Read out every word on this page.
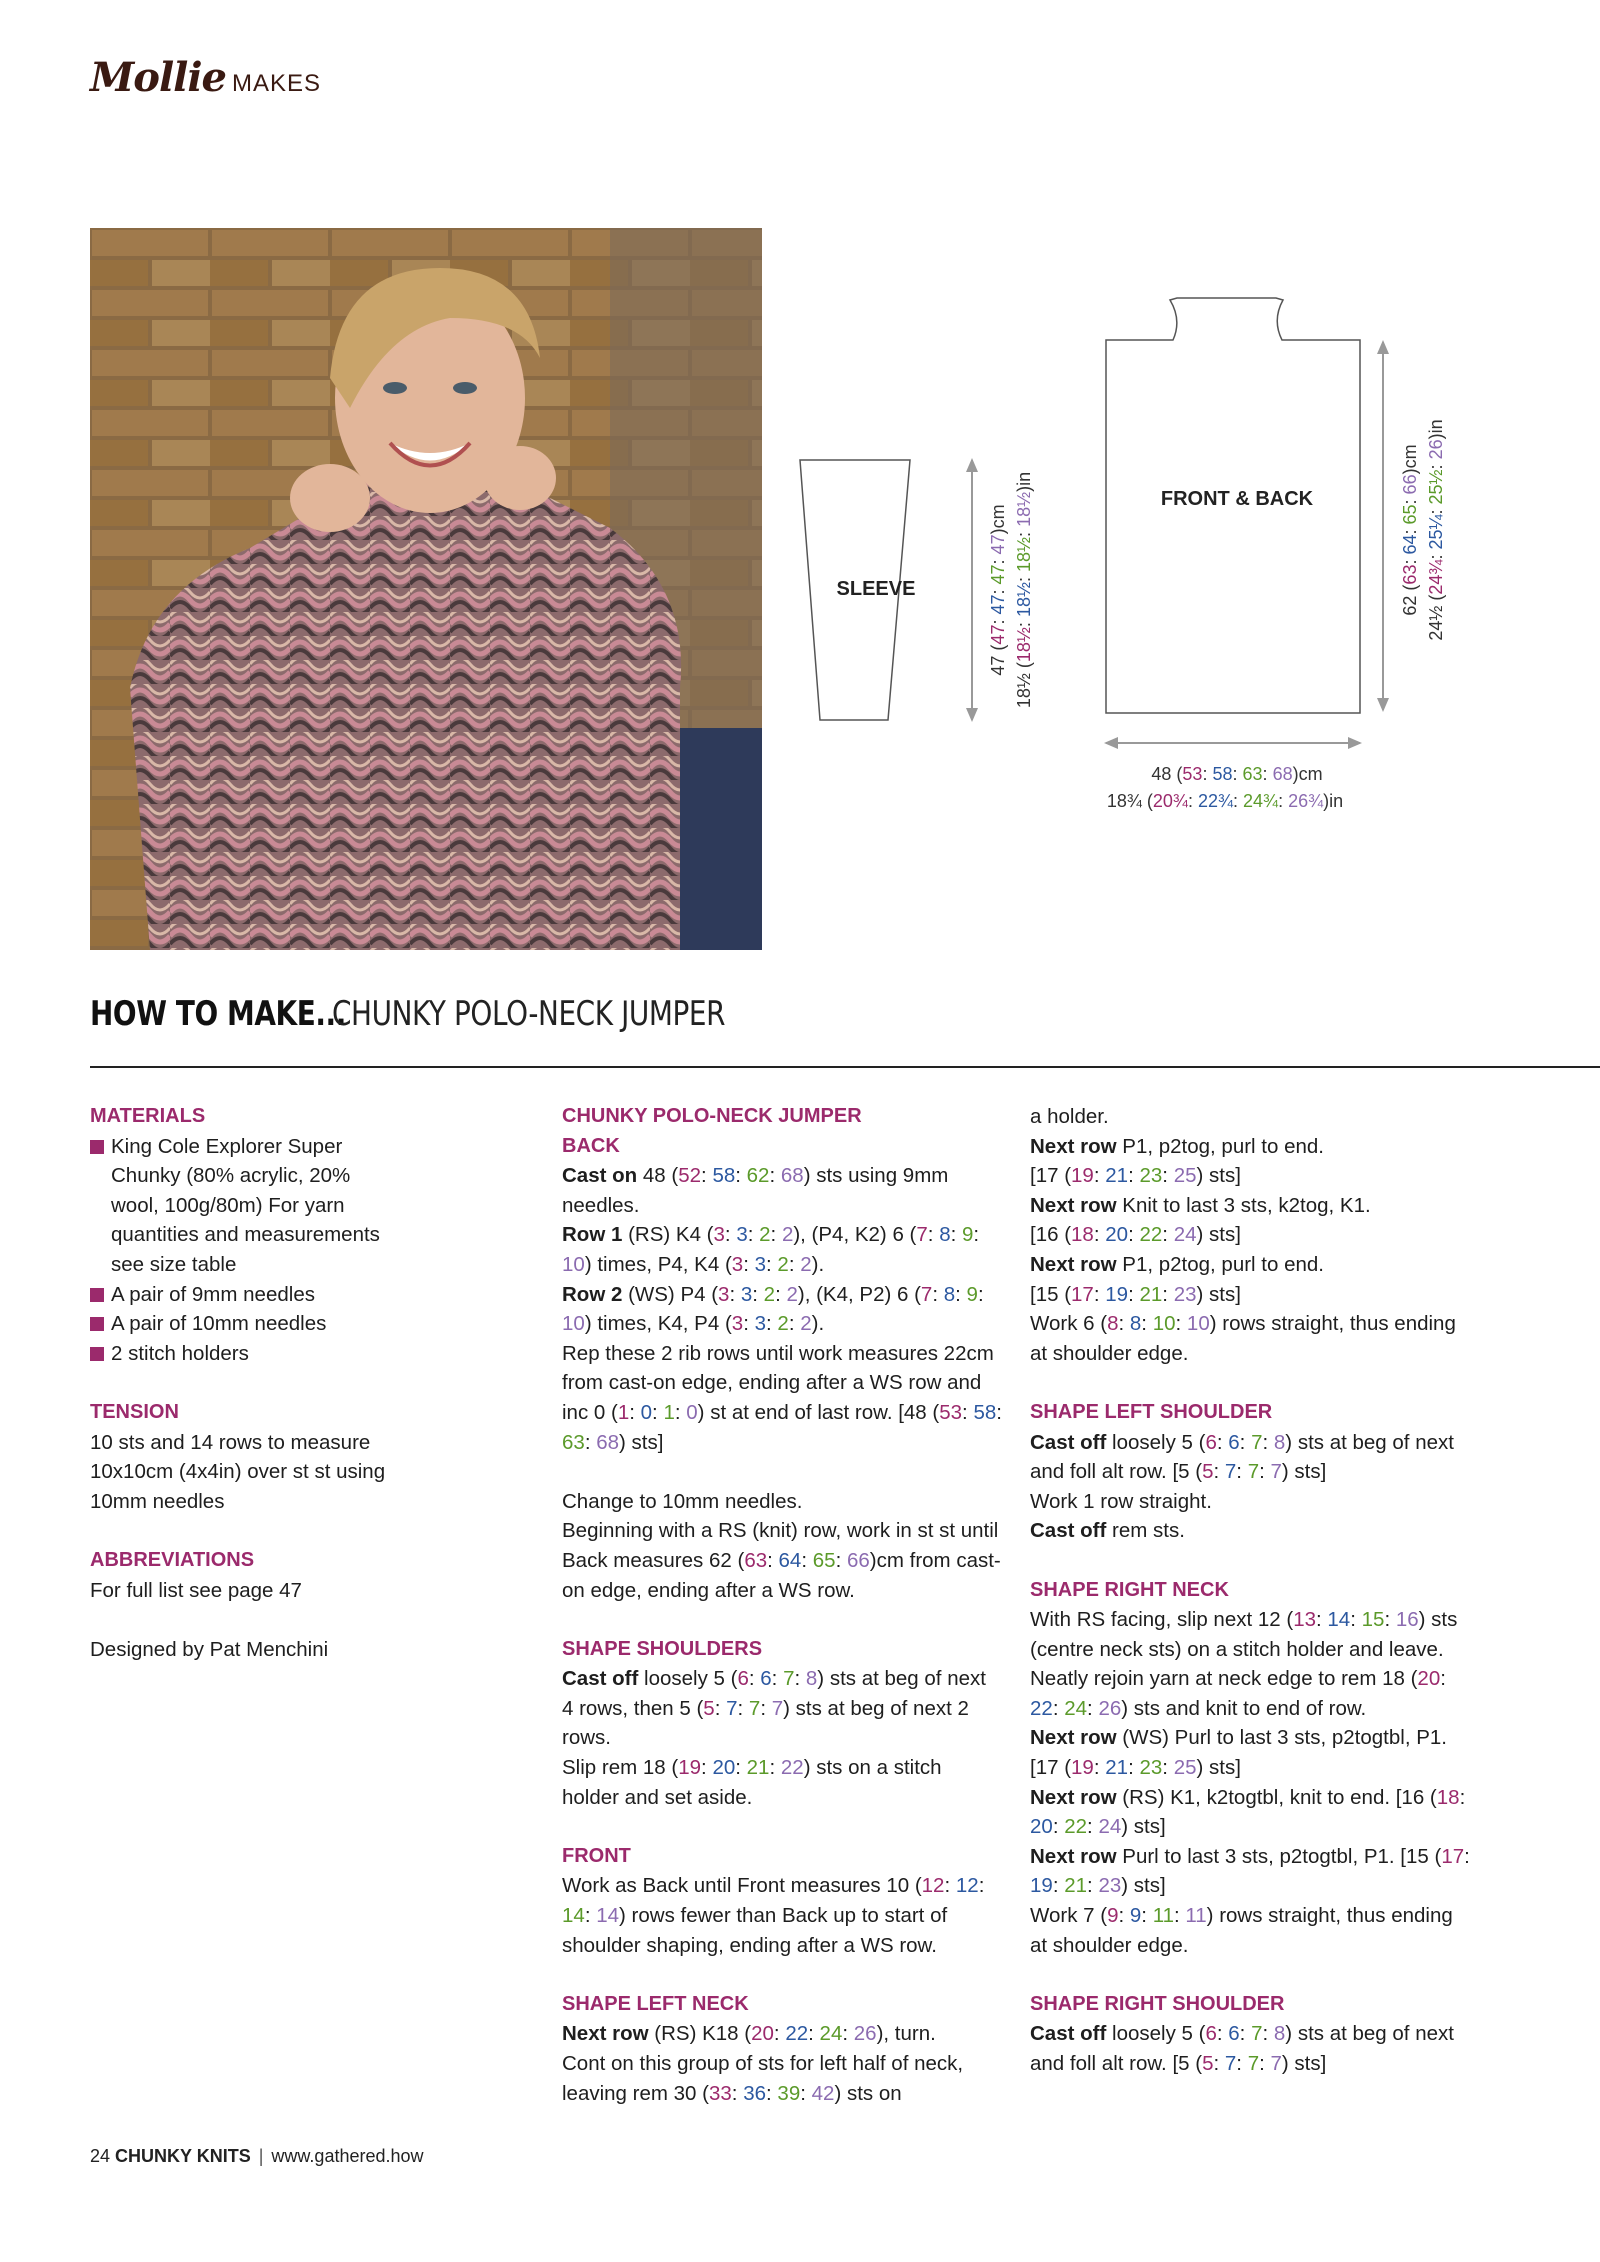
Mollie MAKES
SLEEVE
47 (47: 47: 47: 47)cm
18½ (18½: 18½: 18½: 18½)in
FRONT & BACK
62 (63: 64: 65: 66)cm
24½ (24¾: 25¼: 25½: 26)in
48 (53: 58: 63: 68)cm
18¾ (20¾: 22¾: 24¾: 26¾)in
HOW TO MAKE...CHUNKY POLO-NECK JUMPER
MATERIALS
King Cole Explorer Super Chunky (80% acrylic, 20% wool, 100g/80m) For yarn quantities and measurements see size table
A pair of 9mm needles
A pair of 10mm needles
2 stitch holders
TENSION
10 sts and 14 rows to measure 10x10cm (4x4in) over st st using 10mm needles
ABBREVIATIONS
For full list see page 47
Designed by Pat Menchini
CHUNKY POLO-NECK JUMPER
BACK
Cast on 48 (52: 58: 62: 68) sts using 9mm needles.
Row 1 (RS) K4 (3: 3: 2: 2), (P4, K2) 6 (7: 8: 9: 10) times, P4, K4 (3: 3: 2: 2).
Row 2 (WS) P4 (3: 3: 2: 2), (K4, P2) 6 (7: 8: 9: 10) times, K4, P4 (3: 3: 2: 2).
Rep these 2 rib rows until work measures 22cm from cast-on edge, ending after a WS row and inc 0 (1: 0: 1: 0) st at end of last row. [48 (53: 58: 63: 68) sts]
Change to 10mm needles.
Beginning with a RS (knit) row, work in st st until Back measures 62 (63: 64: 65: 66)cm from cast-on edge, ending after a WS row.
SHAPE SHOULDERS
Cast off loosely 5 (6: 6: 7: 8) sts at beg of next 4 rows, then 5 (5: 7: 7: 7) sts at beg of next 2 rows.
Slip rem 18 (19: 20: 21: 22) sts on a stitch holder and set aside.
FRONT
Work as Back until Front measures 10 (12: 12: 14: 14) rows fewer than Back up to start of shoulder shaping, ending after a WS row.
SHAPE LEFT NECK
Next row (RS) K18 (20: 22: 24: 26), turn.
Cont on this group of sts for left half of neck, leaving rem 30 (33: 36: 39: 42) sts on
a holder.
Next row P1, p2tog, purl to end.
[17 (19: 21: 23: 25) sts]
Next row Knit to last 3 sts, k2tog, K1.
[16 (18: 20: 22: 24) sts]
Next row P1, p2tog, purl to end.
[15 (17: 19: 21: 23) sts]
Work 6 (8: 8: 10: 10) rows straight, thus ending at shoulder edge.
SHAPE LEFT SHOULDER
Cast off loosely 5 (6: 6: 7: 8) sts at beg of next and foll alt row. [5 (5: 7: 7: 7) sts]
Work 1 row straight.
Cast off rem sts.
SHAPE RIGHT NECK
With RS facing, slip next 12 (13: 14: 15: 16) sts (centre neck sts) on a stitch holder and leave.
Neatly rejoin yarn at neck edge to rem 18 (20: 22: 24: 26) sts and knit to end of row.
Next row (WS) Purl to last 3 sts, p2togtbl, P1. [17 (19: 21: 23: 25) sts]
Next row (RS) K1, k2togtbl, knit to end. [16 (18: 20: 22: 24) sts]
Next row Purl to last 3 sts, p2togtbl, P1. [15 (17: 19: 21: 23) sts]
Work 7 (9: 9: 11: 11) rows straight, thus ending at shoulder edge.
SHAPE RIGHT SHOULDER
Cast off loosely 5 (6: 6: 7: 8) sts at beg of next and foll alt row. [5 (5: 7: 7: 7) sts]
24 CHUNKY KNITS | www.gathered.how
